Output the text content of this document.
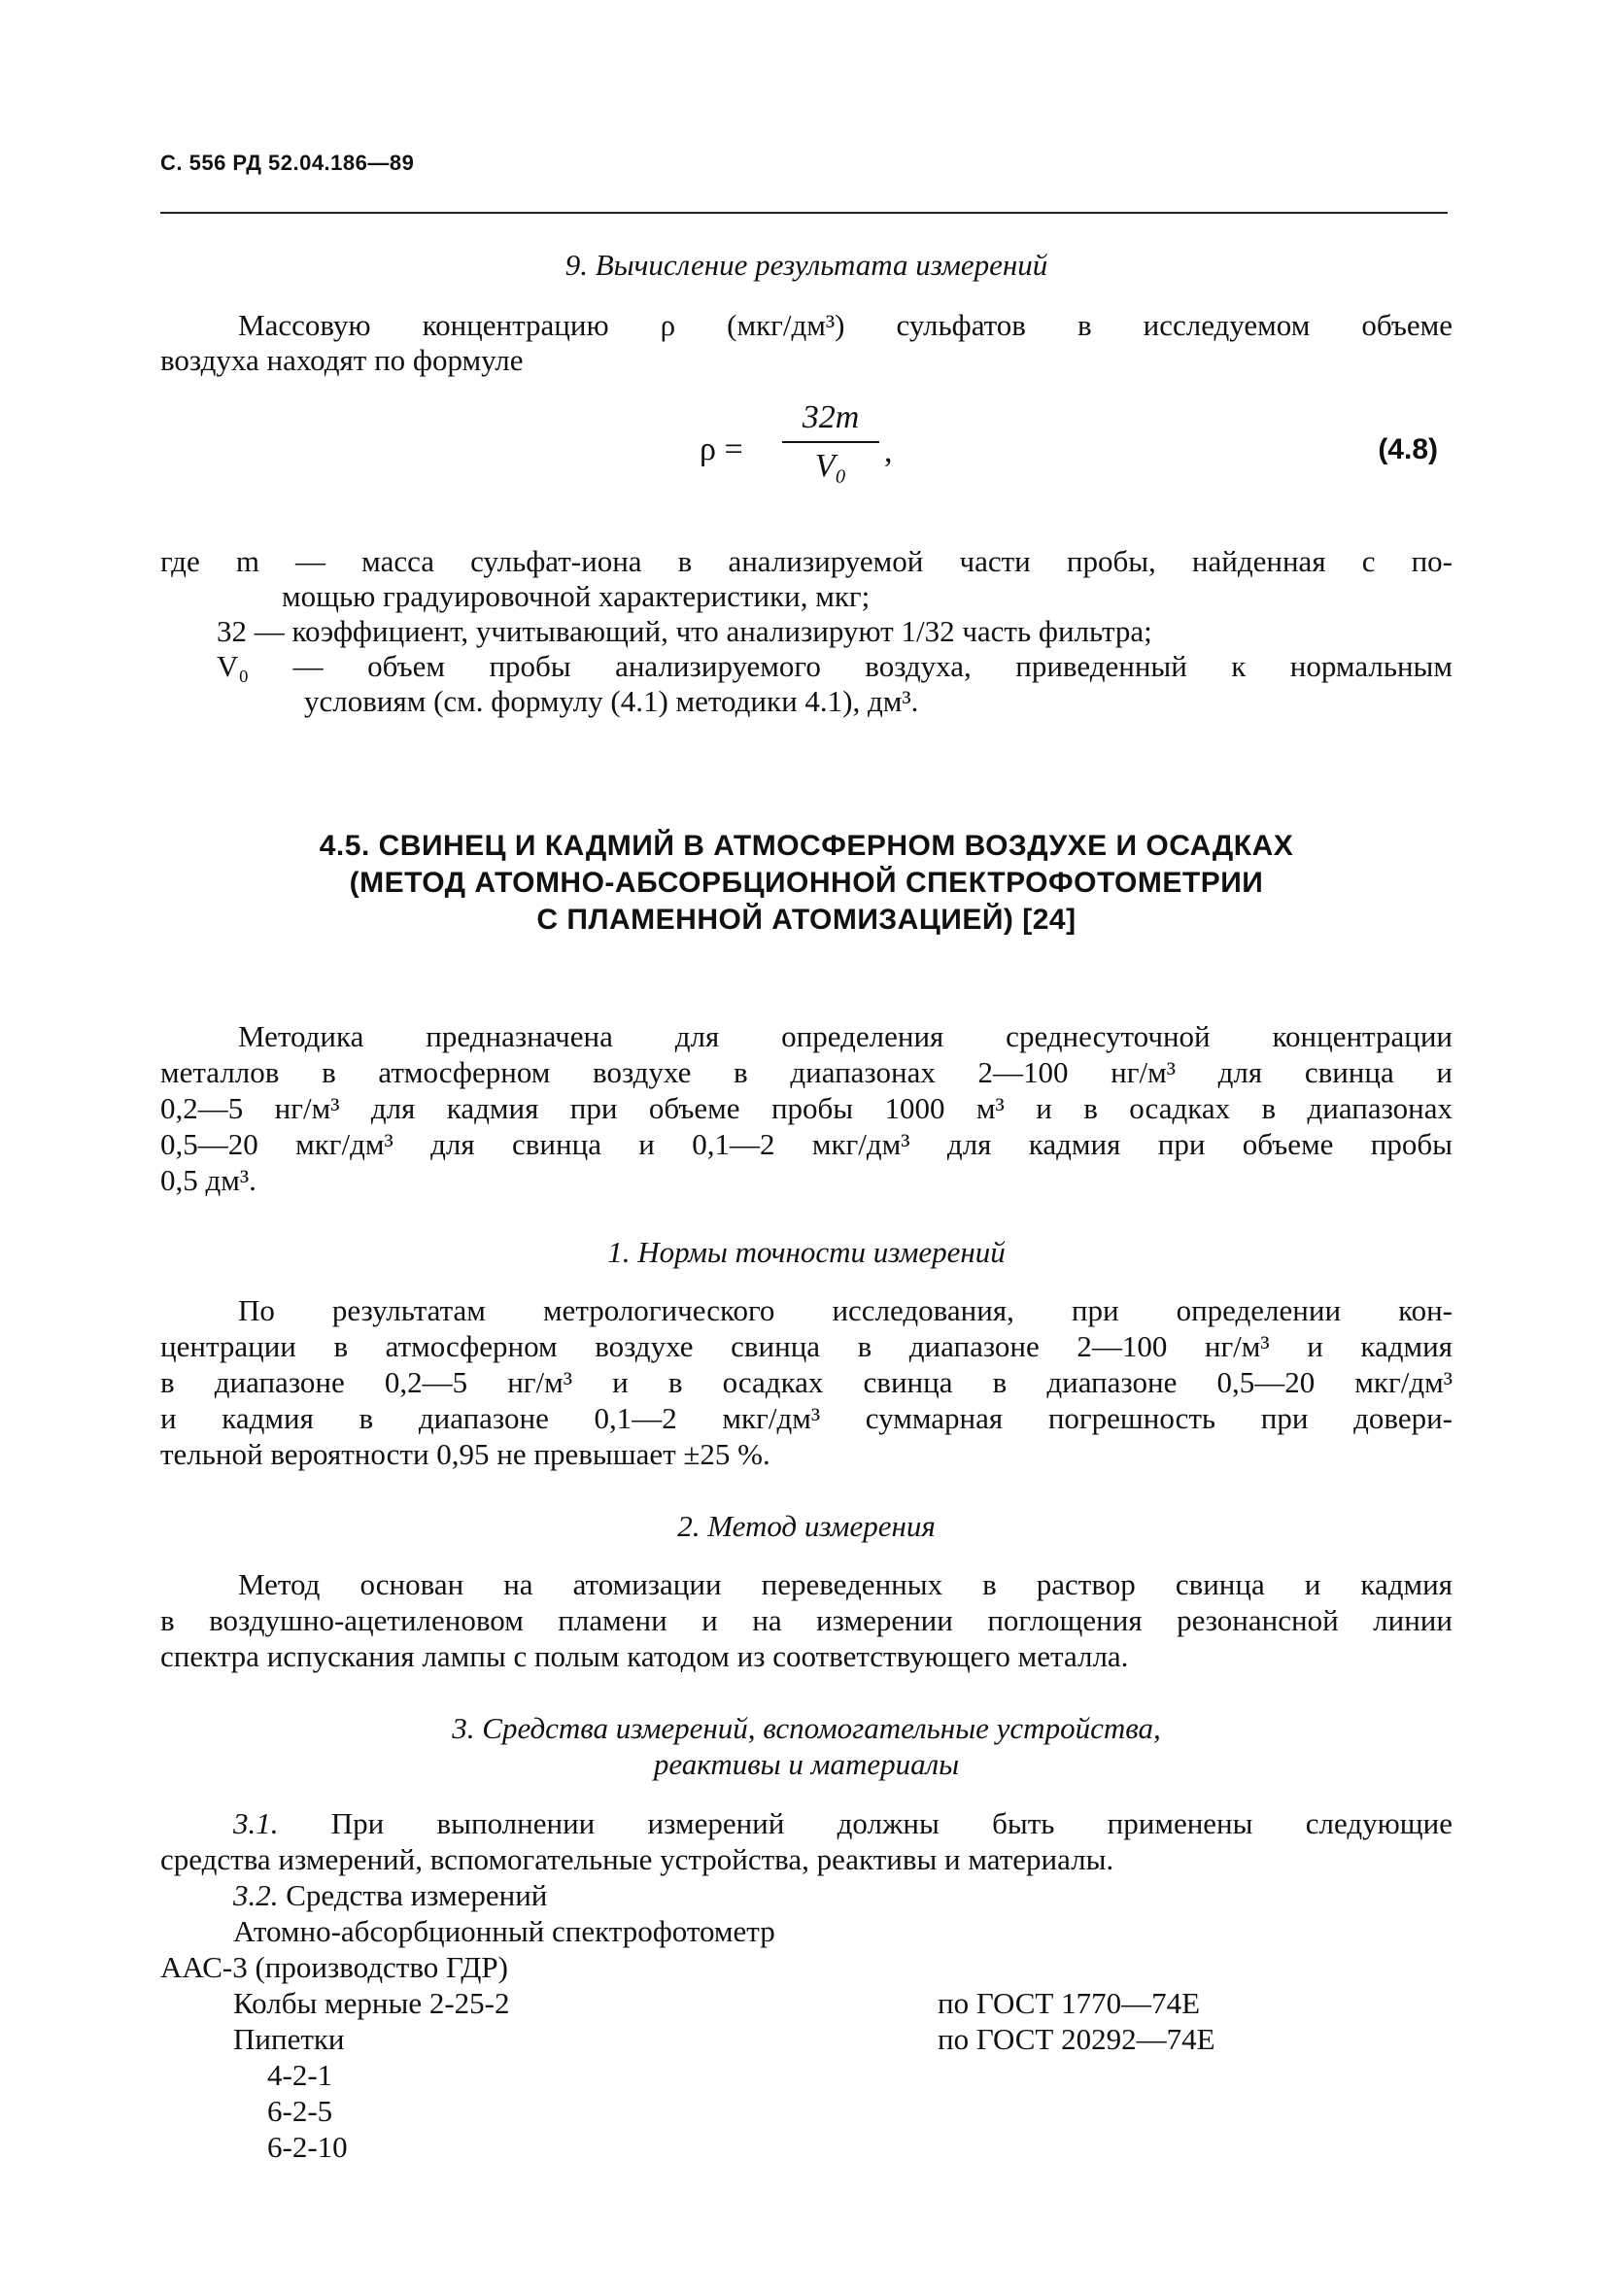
С. 556 РД 52.04.186—89
9. Вычисление результата измерений
Массовую концентрацию ρ (мкг/дм³) сульфатов в исследуемом объеме
воздуха находят по формуле
ρ =
32m
V₀	,	(4.8)
где m — масса сульфат-иона в анализируемой части пробы, найденная с по-
мощью градуировочной характеристики, мкг;
32 — коэффициент, учитывающий, что анализируют 1/32 часть фильтра;
V₀ — объем пробы анализируемого воздуха, приведенный к нормальным
условиям (см. формулу (4.1) методики 4.1), дм³.
4.5. СВИНЕЦ И КАДМИЙ В АТМОСФЕРНОМ ВОЗДУХЕ И ОСАДКАХ
(МЕТОД АТОМНО-АБСОРБЦИОННОЙ СПЕКТРОФОТОМЕТРИИ
С ПЛАМЕННОЙ АТОМИЗАЦИЕЙ) [24]
Методика предназначена для определения среднесуточной концентрации
металлов в атмосферном воздухе в диапазонах 2—100 нг/м³ для свинца и
0,2—5 нг/м³ для кадмия при объеме пробы 1000 м³ и в осадках в диапазонах
0,5—20 мкг/дм³ для свинца и 0,1—2 мкг/дм³ для кадмия при объеме пробы
0,5 дм³.
1. Нормы точности измерений
По результатам метрологического исследования, при определении кон-
центрации в атмосферном воздухе свинца в диапазоне 2—100 нг/м³ и кадмия
в диапазоне 0,2—5 нг/м³ и в осадках свинца в диапазоне 0,5—20 мкг/дм³
и кадмия в диапазоне 0,1—2 мкг/дм³ суммарная погрешность при довери-
тельной вероятности 0,95 не превышает ±25 %.
2. Метод измерения
Метод основан на атомизации переведенных в раствор свинца и кадмия
в воздушно-ацетиленовом пламени и на измерении поглощения резонансной линии
спектра испускания лампы с полым катодом из соответствующего металла.
3. Средства измерений, вспомогательные устройства,
реактивы и материалы
3.1. При выполнении измерений должны быть применены следующие
средства измерений, вспомогательные устройства, реактивы и материалы.
3.2. Средства измерений
Атомно-абсорбционный спектрофотометр
ААС-3 (производство ГДР)
Колбы мерные 2-25-2	по ГОСТ 1770—74Е
Пипетки	по ГОСТ 20292—74Е
4-2-1
6-2-5
6-2-10
